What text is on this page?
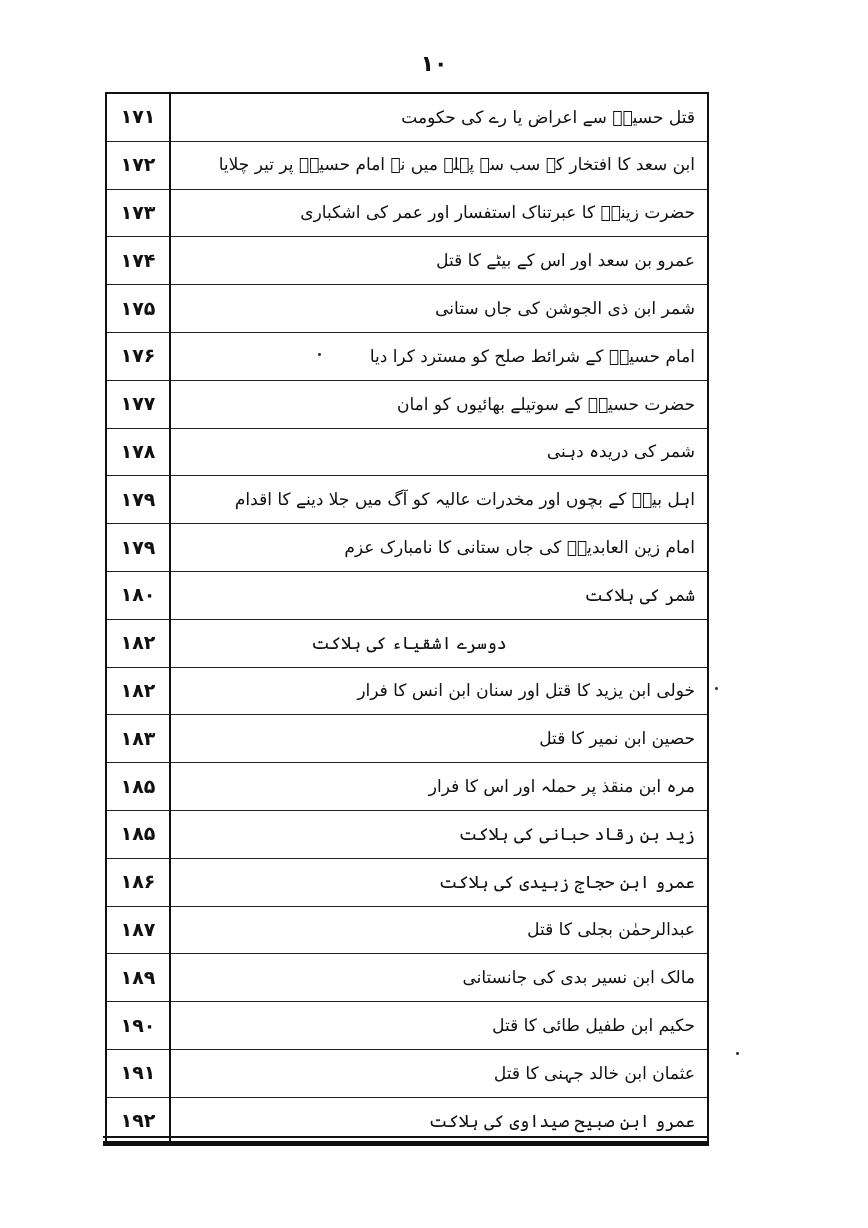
۱۰
۱۷۱	قتل حسینؑ سے اعراض یا رے کی حکومت
۱۷۲	ابن سعد کا افتخار کہ سب سے پہلے میں نے امام حسینؑ پر تیر چلایا
۱۷۳	حضرت زینبؑ کا عبرتناک استفسار اور عمر کی اشکباری
۱۷۴	عمرو بن سعد اور اس کے بیٹے کا قتل
۱۷۵	شمر ابن ذی الجوشن کی جاں ستانی
۱۷۶	امام حسینؑ کے شرائط صلح کو مسترد کرا دیا
۱۷۷	حضرت حسینؑ کے سوتیلے بھائیوں کو امان
۱۷۸	شمر کی دریدہ دہنی
۱۷۹	اہل بیتؑ کے بچوں اور مخدرات عالیہ کو آگ میں جلا دینے کا اقدام
۱۷۹	امام زین العابدینؑ کی جاں ستانی کا نامبارک عزم
۱۸۰	شمر کی ہلاکت
۱۸۲	دوسرے اشقیاء کی ہلاکت
۱۸۲	خولی ابن یزید کا قتل اور سنان ابن انس کا فرار
۱۸۳	حصین ابن نمیر کا قتل
۱۸۵	مرہ ابن منقذ پر حملہ اور اس کا فرار
۱۸۵	زید بن رقاد حبانی کی ہلاکت
۱۸۶	عمرو ابن حجاج زبیدی کی ہلاکت
۱۸۷	عبدالرحمٰن بجلی کا قتل
۱۸۹	مالک ابن نسیر بدی کی جانستانی
۱۹۰	حکیم ابن طفیل طائی کا قتل
۱۹۱	عثمان ابن خالد جہنی کا قتل
۱۹۲	عمرو ابن صبیح صیداوی کی ہلاکت
